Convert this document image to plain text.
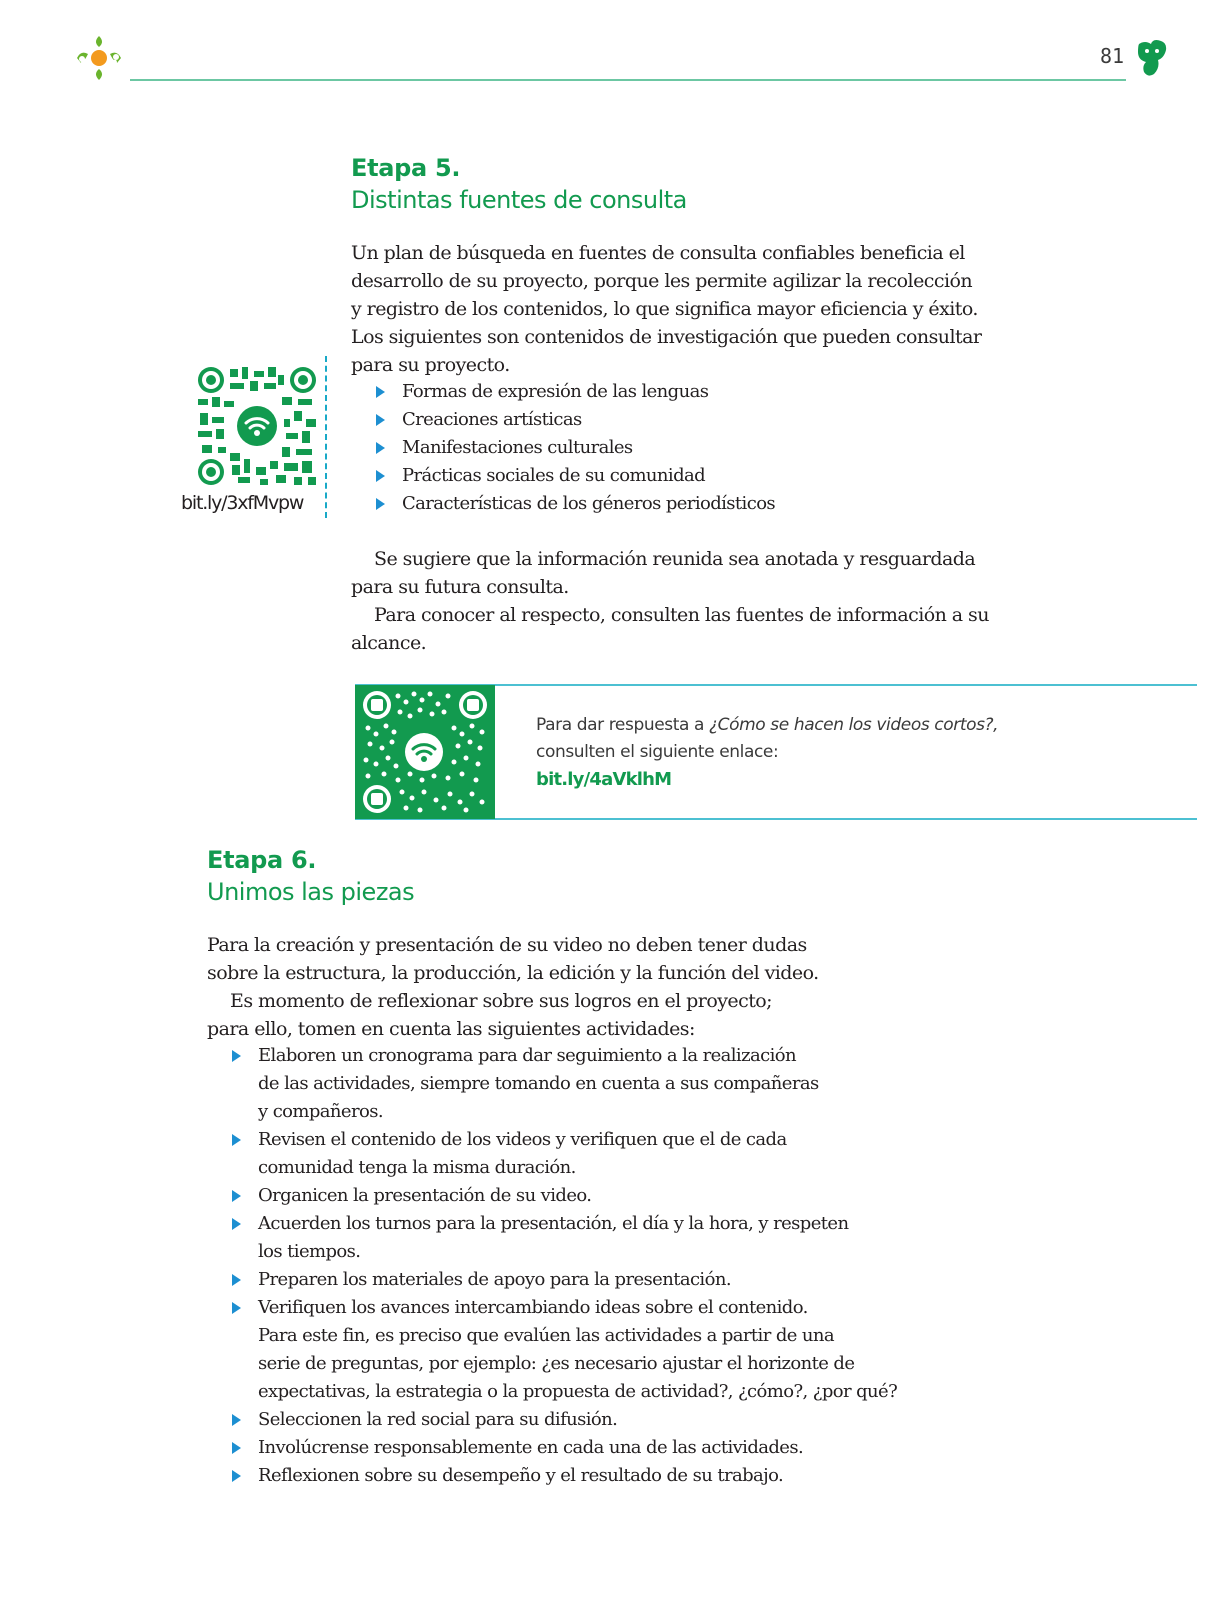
81
Etapa 5.
Distintas fuentes de consulta
Un plan de búsqueda en fuentes de consulta confiables beneficia el
desarrollo de su proyecto, porque les permite agilizar la recolección
y registro de los contenidos, lo que significa mayor eficiencia y éxito.
Los siguientes son contenidos de investigación que pueden consultar
para su proyecto.
Formas de expresión de las lenguas
Creaciones artísticas
Manifestaciones culturales
Prácticas sociales de su comunidad
Características de los géneros periodísticos
Se sugiere que la información reunida sea anotada y resguardada
para su futura consulta.
Para conocer al respecto, consulten las fuentes de información a su
alcance.
bit.ly/3xfMvpw
Para dar respuesta a ¿Cómo se hacen los videos cortos?,
consulten el siguiente enlace:
bit.ly/4aVklhM
Etapa 6.
Unimos las piezas
Para la creación y presentación de su video no deben tener dudas
sobre la estructura, la producción, la edición y la función del video.
Es momento de reflexionar sobre sus logros en el proyecto;
para ello, tomen en cuenta las siguientes actividades:
Elaboren un cronograma para dar seguimiento a la realización
de las actividades, siempre tomando en cuenta a sus compañeras
y compañeros.
Revisen el contenido de los videos y verifiquen que el de cada
comunidad tenga la misma duración.
Organicen la presentación de su video.
Acuerden los turnos para la presentación, el día y la hora, y respeten
los tiempos.
Preparen los materiales de apoyo para la presentación.
Verifiquen los avances intercambiando ideas sobre el contenido.
Para este fin, es preciso que evalúen las actividades a partir de una
serie de preguntas, por ejemplo: ¿es necesario ajustar el horizonte de
expectativas, la estrategia o la propuesta de actividad?, ¿cómo?, ¿por qué?
Seleccionen la red social para su difusión.
Involúcrense responsablemente en cada una de las actividades.
Reflexionen sobre su desempeño y el resultado de su trabajo.
